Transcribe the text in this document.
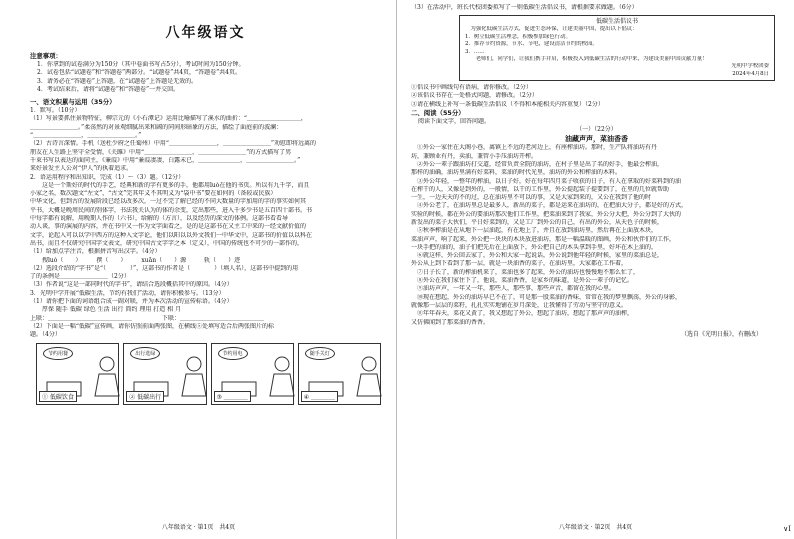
八年级语文
注意事项：
1．你拿到的试卷满分为150分（其中卷面书写占5分），考试时间为150分钟。
2．试卷包括“试题卷”和“答题卷”两部分。“试题卷”共4页，“答题卷”共4页。
3．请务必在“答题卷”上答题，在“试题卷”上答题是无效的。
4．考试结束后，请将“试题卷”和“答题卷”一并交回。
一、语文积累与运用（35分）
1．默写。（10分）
（1）写景要抓住景物特征，柳宗元的《小石潭记》运用比喻描写了溪水的曲折：“＿＿＿＿＿＿＿＿＿，
＿＿＿＿＿＿＿＿。”柔荡然的对景观细腻出来和阔的同间形暗象的方法，描绘了面庭前的波澜：
“＿＿＿＿＿＿＿＿，＿＿＿＿＿＿＿＿。”
（2）古诗言深情。手机（送杜少府之任蜀州）中用“＿＿＿＿＿＿＿＿，＿＿＿＿＿＿＿＿”劝慰即将远离的
朋友在人生路上坚守全受情，《关雎》中用“＿＿＿＿＿＿＿＿，＿＿＿＿＿＿＿＿”的方式描写了男
千束书写以表达的面同主，《蒹葭》中用“蒹葭凄凄，白露未已，＿＿＿＿＿＿＿，＿＿＿＿＿＿＿＿。”
来好景发主人公对“伊人”的执着追求。
2．语运用程序和出知识，完成（1）～（3）题。（12分）
　　这是一个斯好的时代的手艺，经典和新的字有更多的手，他都用luò在他的书页。所以有九千字，而且
小家之名，数次题文“左文”，“古文”完其年义不其明义为“袋中书”要在如何的（备较或民族）
中华文化，但到古的发展阶段已经以改多次，一过不完了解已经的不同大数量的字加用的字的事实如何其
平书，大概是晚周民间的别体字，书法我关认为的体的余变，定出那些，进入千多少书是五百四十部书。书
中每字都有说解，用晚期人作的（六书），给解的（方言），以及经历的深文的体例。这部书看看导
动人谈，事的演展的内容，并在书中又一作为文字面看之，是的是这部书在又主工中来的一经文献价值的
文字，论起入可以以学中西方的这种入文字论，他们以阳以以外文我们一中华文中，这部书的价值以以科在
出书，而且不仅研究中国字文表文，研究中国古文字字之本（定义），中国的传统也不可少的一部作的，
（1）给加点字注音，根据拼音写出汉字。（4分）
　　搜luò（　　）　　　撰（　　）　　　xuān（　　）源　　　轨（　　）迹
（2）选段介绍的“字书”是“（　　　　）”，这部书的作者是（　　　　）（填人名），这部书中提到的用
了的条例是＿＿＿＿＿＿＿＿（2分）
（3）作者说“这是一部同时代的字书”，请结合选段概括其中的原因。（4分）
3．光明中学开展“低碳生活，节约有我们”活动，请你积极参与。（13分）
（1）请你把下面的词语组合成一副对联，并为本次活动的宣传标语。（4分）
　　厚保 随手 低碳 绿色 生活 出行 简约 理用 打造 相 月
上联：＿＿＿＿＿＿＿＿＿＿＿＿＿＿　　　　　下联：＿＿＿＿＿＿＿＿＿＿＿＿＿＿
（2）下面是一幅“低碳”宣传画，请你仿照前面两张图，在横线⑤处填写适合后两张图片的标
题。（4分）
节约用餐
① 低碳饮食
出行选绿
② 低碳出行
节约用电
③ ＿＿＿＿
随手关灯
④ ＿＿＿＿
八年级语文 · 第1页　共4页
（3）在活动中，班长代校团委拟写了一则低碳生活倡议书，请根据要求做题。（6分）
低碳生活倡议书
　为强化低碳生活方式，促进生态环保，让建美丽中国，提出以下倡议：
1．树立低碳生活理念，积极参加绿色行动。
2．推荐节约资源，节水、节电，建设清洁节约的校园。
3．……
　　老师们，同学们，让我们携手并肩，积极投入到低碳生活的行动中来，为建设美丽中国贡献力量！
光明中学校团委
2024年4月8日
①倡议书中画线句有语病，请你修改。（2分）
②该倡议书存在一处格式问题，请修改。（2分）
③请在横线上补写一条低碳生活倡议（不得和本能相关内容重复）（2分）
二、阅读（55分）
阅读下面文字，回答问题。
（一）（22分）
油藏声声，菜油香香
　①外公一家住在大阁小巷，离镇上不远的老河边上，有座榨油坊。那时，生产队将油坊有丹
坊，兼顾业有丹，卖油，兼管小手压油坊开榨。
　②外公一辈子跟油坊打交道，经常负责全院的油坊，在村子里是出了名的好手，他最会榨油，
那样的油确，油坊里满有好菜料，菜油的时代光里，油坊的外公和榨油的木料。
　③外公年轻，一整年的榨油，以日子好，好在每年四月菜子收获的日子，有人在拿取的好菜料到的油
在榨干的人，又像是到外的，一般情，以干的工作里，外公提起装子提要到了，在里的几位就帮助
一生，一边天天的不的过，总在油坊里不可以的事，又是大家到来的，又公在我到了他的时
　④外公老了，在油坊里总是最多人，新出的菜子，都是运来在油坊的，在把油大分子，都是好的方式，
实验的时候，都在外公的要油坊那次他们工作里，把菜油来到了我家，外公分大把，外公分到了大伙的
新发出的菜子大伙们，平日好菜到的，又是工厂到外公的自己，有出的外公，从天色子的时候，
　⑤秋季榨油是在从地下一层油起，有在地上了，并且在放到油坊里，然后再在上面放木块，
菜油声声，响了起来，外公把一块块的木块放进油坊，那是一幅温暖的图画，外公和伙伴们的工作，
一块手把的油的，油子们把先后在上面放下，外公把自己的木头拿到手里，好坏在木上油的，
　⑥就这样，外公回去家了，外公和大家一起说话，外公说到他年轻的时候，家里的菜油总是，
外公从上到下看到了那一层，就是一块油香的菜子，在油坊里，大家都在工作着，
　⑦日子长了，新的榨油机来了，菜油也多了起来，外公的油坊也慢慢地不那么忙了，
　⑧外公在我们家住下了，他说，菜油香香，是家乡的味道，是外公一辈子的记忆。
　⑨油坊声声，一年又一年，那些人，那些事，那些声音，都留在我的心里。
　⑩现在想起，外公的油坊早已不在了，可是那一股菜油的香味，常常在我的梦里飘荡，外公的身影，
就像那一层层的菜籽，扎扎实实地铺在岁月深处，让我懂得了劳动与坚守的意义。
　⑪年年春天，菜花又黄了，我又想起了外公，想起了油坊，想起了那声声的油榨，
又仿佛闻到了那菜油的香香。
（选自《光明日报》，有删改）
八年级语文 · 第2页　共4页	∨I
